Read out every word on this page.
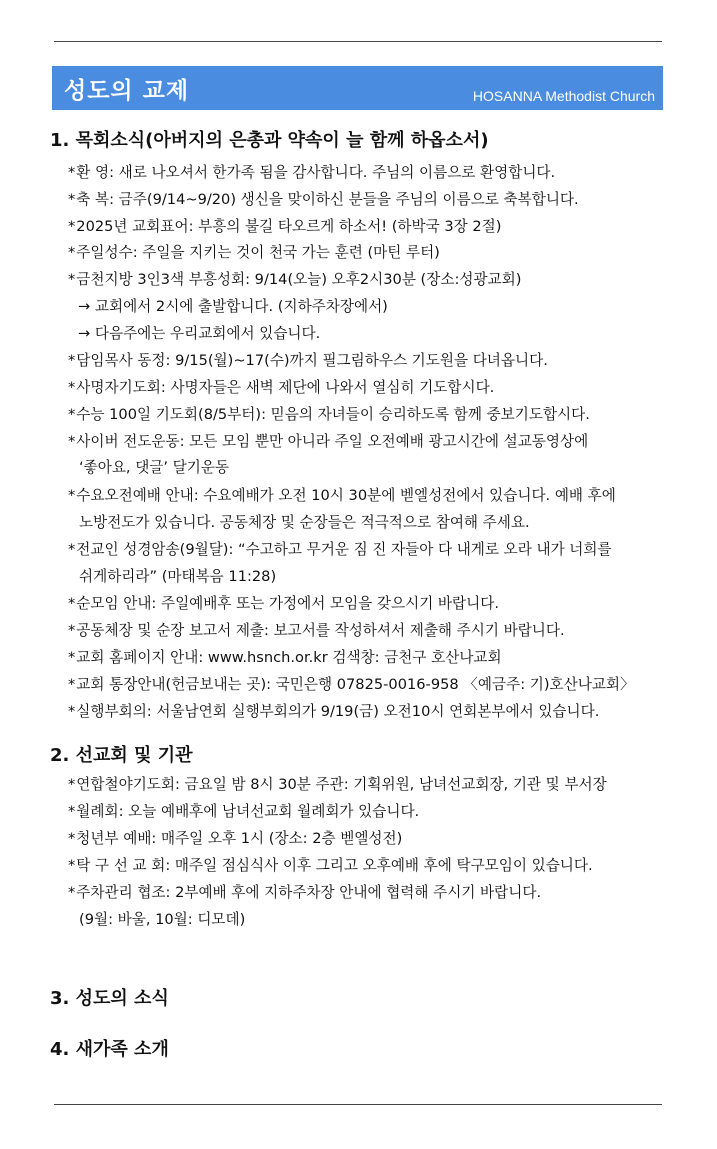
성도의 교제	HOSANNA Methodist Church
1. 목회소식(아버지의 은총과 약속이 늘 함께 하옵소서)
*환 영: 새로 나오셔서 한가족 됨을 감사합니다. 주님의 이름으로 환영합니다.
*축 복: 금주(9/14~9/20) 생신을 맞이하신 분들을 주님의 이름으로 축복합니다.
*2025년 교회표어: 부흥의 불길 타오르게 하소서! (하박국 3장 2절)
*주일성수: 주일을 지키는 것이 천국 가는 훈련 (마틴 루터)
*금천지방 3인3색 부흥성회: 9/14(오늘) 오후2시30분 (장소:성광교회)
→ 교회에서 2시에 출발합니다. (지하주차장에서)
→ 다음주에는 우리교회에서 있습니다.
*담임목사 동정: 9/15(월)~17(수)까지 필그림하우스 기도원을 다녀옵니다.
*사명자기도회: 사명자들은 새벽 제단에 나와서 열심히 기도합시다.
*수능 100일 기도회(8/5부터): 믿음의 자녀들이 승리하도록 함께 중보기도합시다.
*사이버 전도운동: 모든 모임 뿐만 아니라 주일 오전예배 광고시간에 설교동영상에
‘좋아요, 댓글’ 달기운동
*수요오전예배 안내: 수요예배가 오전 10시 30분에 벧엘성전에서 있습니다. 예배 후에
노방전도가 있습니다. 공동체장 및 순장들은 적극적으로 참여해 주세요.
*전교인 성경암송(9월달): “수고하고 무거운 짐 진 자들아 다 내게로 오라 내가 너희를
쉬게하리라” (마태복음 11:28)
*순모임 안내: 주일예배후 또는 가정에서 모임을 갖으시기 바랍니다.
*공동체장 및 순장 보고서 제출: 보고서를 작성하셔서 제출해 주시기 바랍니다.
*교회 홈페이지 안내: www.hsnch.or.kr 검색창: 금천구 호산나교회
*교회 통장안내(헌금보내는 곳): 국민은행 07825-0016-958 〈예금주: 기)호산나교회〉
*실행부회의: 서울남연회 실행부회의가 9/19(금) 오전10시 연회본부에서 있습니다.
2. 선교회 및 기관
*연합철야기도회: 금요일 밤 8시 30분 주관: 기획위원, 남녀선교회장, 기관 및 부서장
*월례회: 오늘 예배후에 남녀선교회 월례회가 있습니다.
*청년부 예배: 매주일 오후 1시 (장소: 2층 벧엘성전)
*탁 구 선 교 회: 매주일 점심식사 이후 그리고 오후예배 후에 탁구모임이 있습니다.
*주차관리 협조: 2부예배 후에 지하주차장 안내에 협력해 주시기 바랍니다.
(9월: 바울, 10월: 디모데)
3. 성도의 소식
4. 새가족 소개
